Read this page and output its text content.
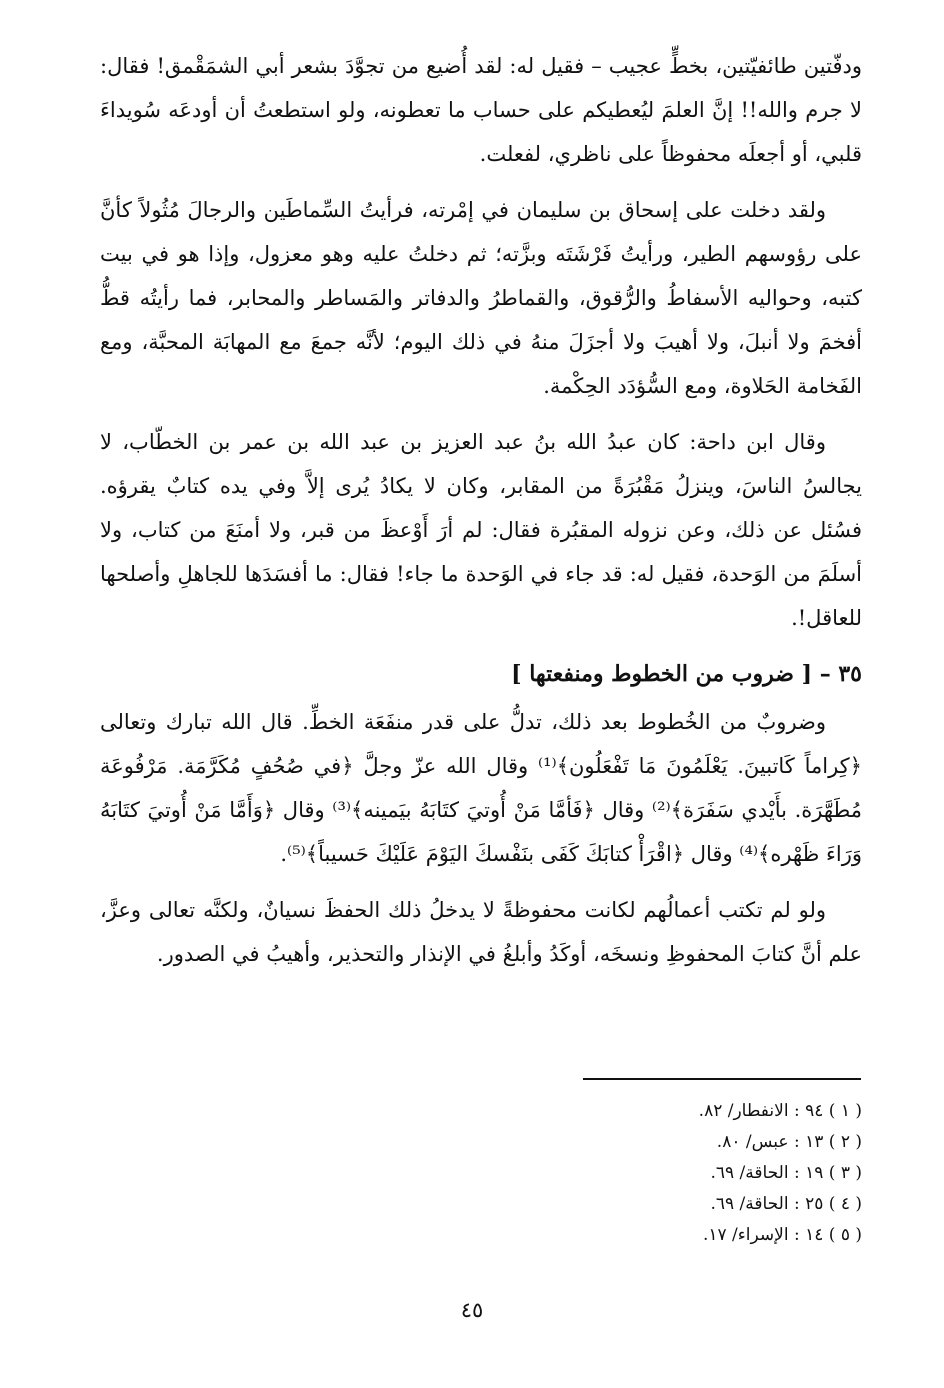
ودفّتين طائفيّتين، بخطٍّ عجيب – فقيل له: لقد أُضيع من تجوَّدَ بشعر أبي الشمَقْمق! فقال: لا جرم والله!! إنَّ العلمَ ليُعطيكم على حساب ما تعطونه، ولو استطعتُ أن أودعَه سُويداءَ قلبي، أو أجعلَه محفوظاً على ناظري، لفعلت.

ولقد دخلت على إسحاق بن سليمان في إمْرته، فرأيتُ السِّماطَين والرجالَ مُثُولاً كأنَّ على رؤوسهم الطير، ورأيتُ فَرْشَتَه وبزَّته؛ ثم دخلتُ عليه وهو معزول، وإذا هو في بيت كتبه، وحواليه الأسفاطُ والرُّقوق، والقماطرُ والدفاتر والمَساطر والمحابر، فما رأيتُه قطُّ أفخمَ ولا أنبلَ، ولا أهيبَ ولا أجزَلَ منهُ في ذلك اليوم؛ لأنَّه جمعَ مع المهابَة المحبَّة، ومع الفَخامة الحَلاوة، ومع السُّؤدَد الحِكْمة.

وقال ابن داحة: كان عبدُ الله بنُ عبد العزيز بن عبد الله بن عمر بن الخطّاب، لا يجالسُ الناسَ، وينزلُ مَقْبُرَةً من المقابر، وكان لا يكادُ يُرى إلاَّ وفي يده كتابٌ يقرؤه. فسُئل عن ذلك، وعن نزوله المقبُرة فقال: لم أرَ أَوْعظَ من قبر، ولا أمنَعَ من كتاب، ولا أسلَمَ من الوَحدة، فقيل له: قد جاء في الوَحدة ما جاء! فقال: ما أفسَدَها للجاهلِ وأصلحها للعاقل!.

٣٥ – [ ضروب من الخطوط ومنفعتها ]

وضروبٌ من الخُطوط بعد ذلك، تدلُّ على قدر منفَعَة الخطِّ. قال الله تبارك وتعالى ﴿كِراماً كَاتبينَ. يَعْلَمُونَ مَا تَفْعَلُون﴾⁽¹⁾ وقال الله عزّ وجلَّ ﴿في صُحُفٍ مُكَرَّمَة. مَرْفُوعَة مُطَهَّرَة. بأَيْدي سَفَرَة﴾⁽²⁾ وقال ﴿فَأمَّا مَنْ أُوتيَ كتَابَهُ بيَمينه﴾⁽³⁾ وقال ﴿وَأَمَّا مَنْ أُوتيَ كتَابَهُ وَرَاءَ ظَهْره﴾⁽⁴⁾ وقال ﴿اقْرَأْ كتابَكَ كَفَى بنَفْسكَ اليَوْمَ عَلَيْكَ حَسيباً﴾⁽⁵⁾.

ولو لم تكتب أعمالُهم لكانت محفوظةً لا يدخلُ ذلك الحفظَ نسيانٌ، ولكنَّه تعالى وعزَّ، علم أنَّ كتابَ المحفوظِ ونسخَه، أوكَدُ وأبلغُ في الإنذار والتحذير، وأهيبُ في الصدور.

( ١ ) ٩٤ : الانفطار/ ٨٢.
( ٢ ) ١٣ : عبس/ ٨٠.
( ٣ ) ١٩ : الحاقة/ ٦٩.
( ٤ ) ٢٥ : الحاقة/ ٦٩.
( ٥ ) ١٤ : الإسراء/ ١٧.
٤٥
